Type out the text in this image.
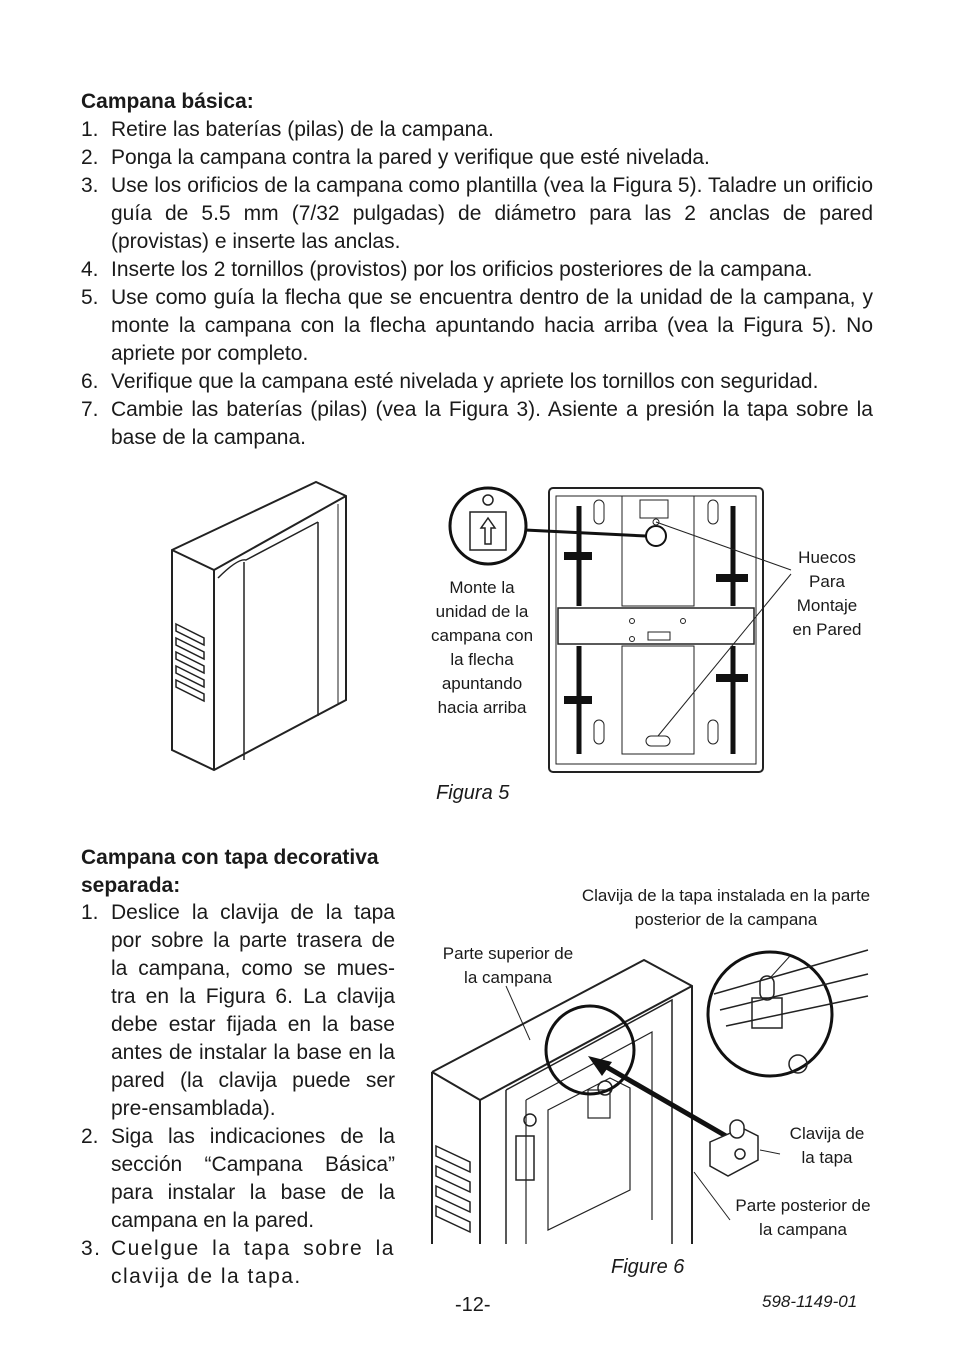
Campana básica:
1. Retire las baterías (pilas) de la campana.
2. Ponga la campana contra la pared y verifique que esté nivelada.
3. Use los orificios de la campana como plantilla (vea la Figura 5). Taladre un orificio guía de 5.5 mm (7/32 pulgadas) de diámetro para las 2 anclas de pared (provistas) e inserte las anclas.
4. Inserte los 2 tornillos (provistos) por los orificios posteriores de la campana.
5. Use como guía la flecha que se encuentra dentro de la unidad de la campana, y monte la campana con la flecha apuntando hacia arriba (vea la Figura 5). No apriete por completo.
6. Verifique que la campana esté nivelada y apriete los tornillos con seguridad.
7. Cambie las baterías (pilas) (vea la Figura 3). Asiente a presión la tapa sobre la base de la campana.
Monte la unidad de la campana con la flecha apuntando hacia arriba
Huecos Para Montaje en Pared
Figura 5
Campana con tapa decorativa separada:
1. Deslice la clavija de la tapa por sobre la parte trasera de la campana, como se mues-tra en la Figura 6. La clavija debe estar fijada en la base antes de instalar la base en la pared (la clavija puede ser pre-ensamblada).
2. Siga las indicaciones de la sección “Campana Básica” para instalar la base de la campana en la pared.
3. Cuelgue la tapa sobre la clavija de la tapa.
Clavija de la tapa instalada en la parte posterior de la campana
Parte superior de la campana
Clavija de la tapa
Parte posterior de la campana
Figure 6
-12-	598-1149-01
